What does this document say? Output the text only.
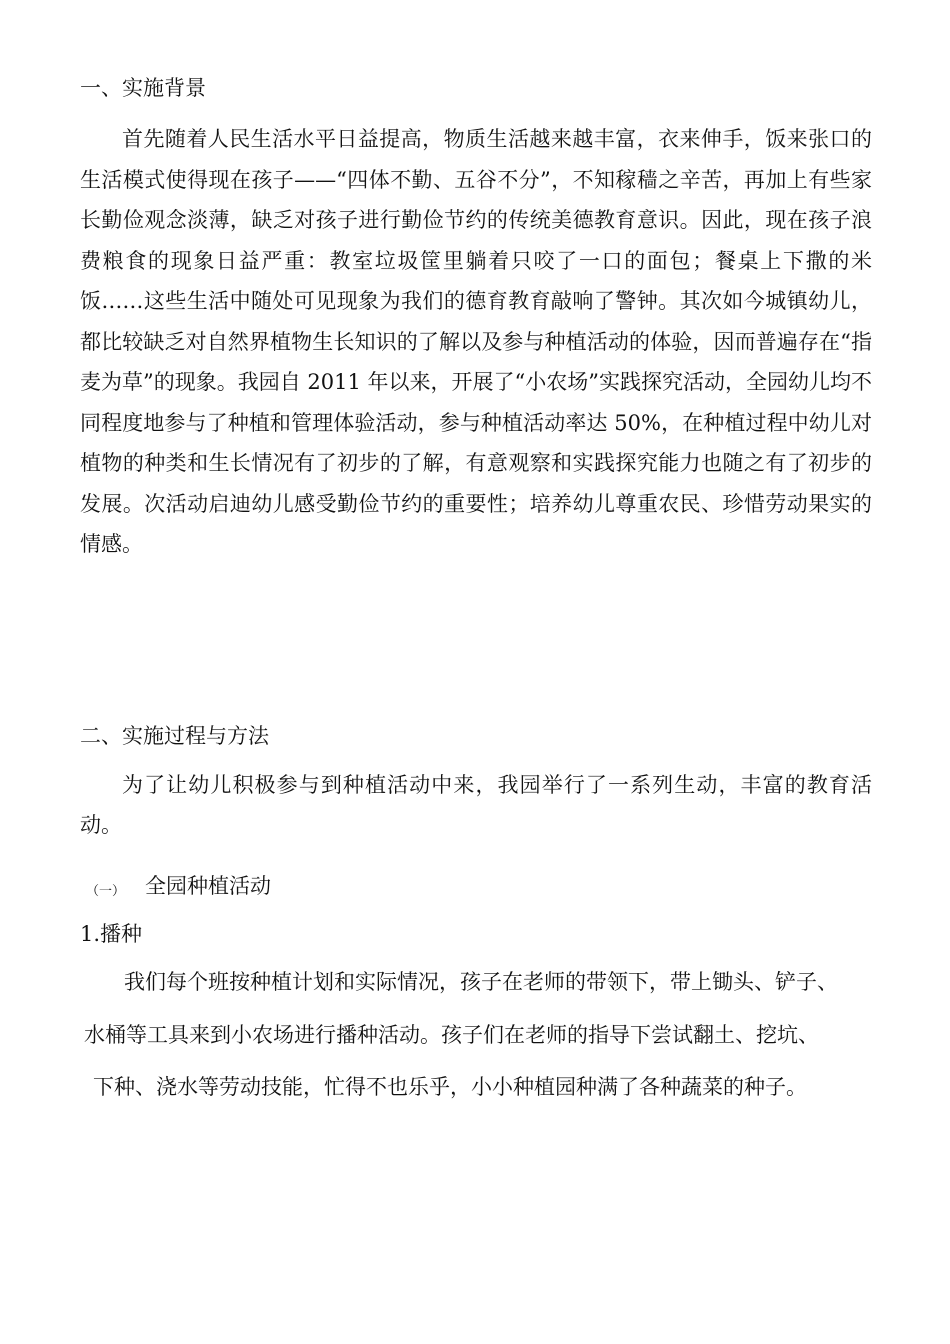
一、实施背景

首先随着人民生活水平日益提高，物质生活越来越丰富，衣来伸手，饭来张口的生活模式使得现在孩子——“四体不勤、五谷不分”，不知稼穑之辛苦，再加上有些家长勤俭观念淡薄，缺乏对孩子进行勤俭节约的传统美德教育意识。因此，现在孩子浪费粮食的现象日益严重：教室垃圾筐里躺着只咬了一口的面包；餐桌上下撒的米饭……这些生活中随处可见现象为我们的德育教育敲响了警钟。其次如今城镇幼儿，都比较缺乏对自然界植物生长知识的了解以及参与种植活动的体验，因而普遍存在“指麦为草”的现象。我园自 2011 年以来，开展了“小农场”实践探究活动，全园幼儿均不同程度地参与了种植和管理体验活动，参与种植活动率达 50%，在种植过程中幼儿对植物的种类和生长情况有了初步的了解，有意观察和实践探究能力也随之有了初步的发展。次活动启迪幼儿感受勤俭节约的重要性；培养幼儿尊重农民、珍惜劳动果实的情感。

二、实施过程与方法

为了让幼儿积极参与到种植活动中来，我园举行了一系列生动，丰富的教育活动。

（一） 全园种植活动
1.播种
我们每个班按种植计划和实际情况，孩子在老师的带领下，带上锄头、铲子、
水桶等工具来到小农场进行播种活动。孩子们在老师的指导下尝试翻土、挖坑、
下种、浇水等劳动技能，忙得不也乐乎，小小种植园种满了各种蔬菜的种子。
